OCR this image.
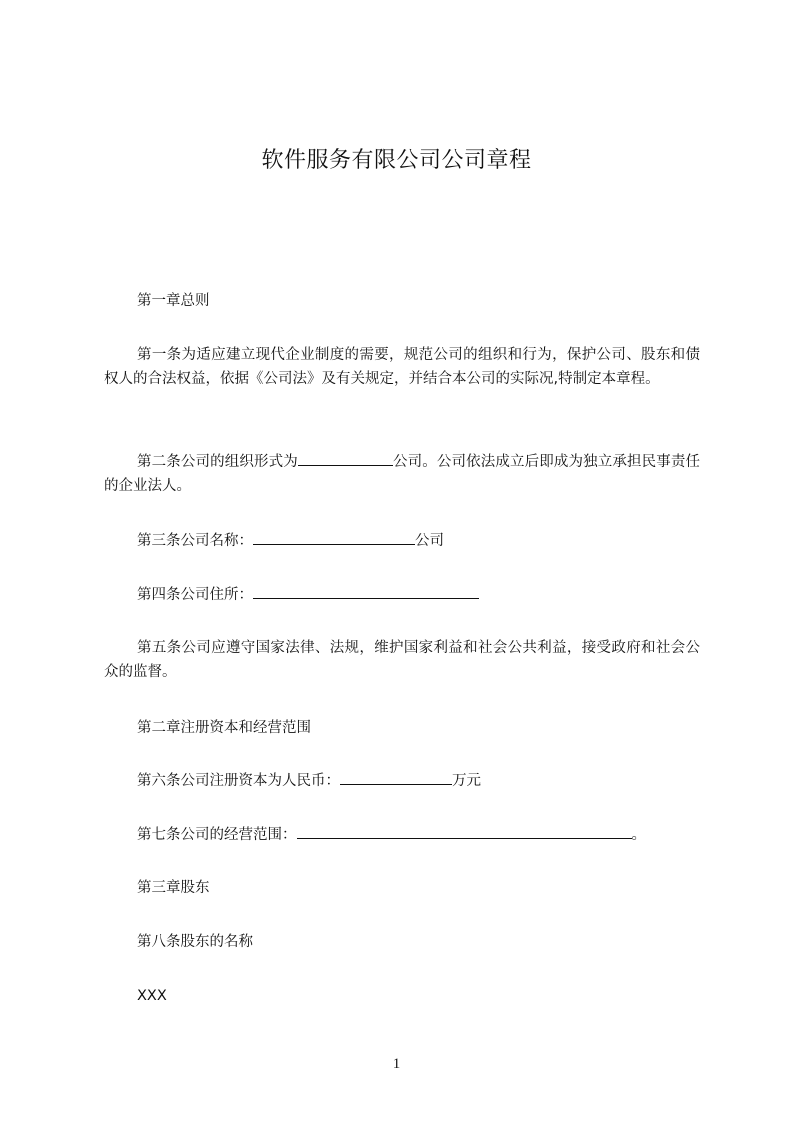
软件服务有限公司公司章程

第一章总则

第一条为适应建立现代企业制度的需要，规范公司的组织和行为，保护公司、股东和债权人的合法权益，依据《公司法》及有关规定，并结合本公司的实际况,特制定本章程。

第二条公司的组织形式为	公司。公司依法成立后即成为独立承担民事责任的企业法人。

第三条公司名称：	公司

第四条公司住所：

第五条公司应遵守国家法律、法规，维护国家利益和社会公共利益，接受政府和社会公众的监督。

第二章注册资本和经营范围

第六条公司注册资本为人民币：	万元

第七条公司的经营范围：	。

第三章股东

第八条股东的名称

XXX

1
